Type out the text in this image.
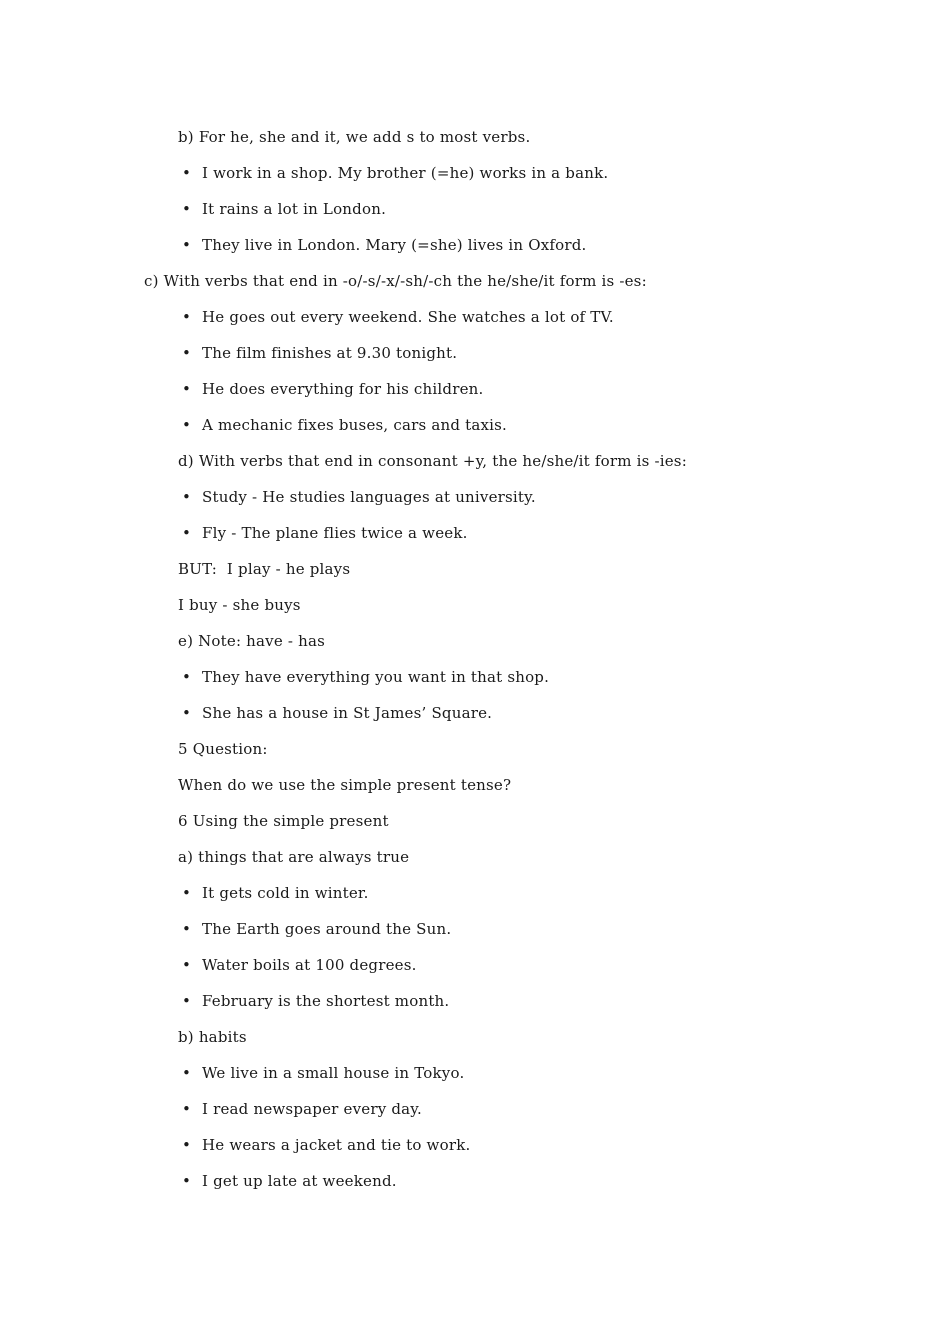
b) For he, she and it, we add s to most verbs.
• I work in a shop. My brother (=he) works in a bank.
• It rains a lot in London.
• They live in London. Mary (=she) lives in Oxford.
c) With verbs that end in -o/-s/-x/-sh/-ch the he/she/it form is -es:
• He goes out every weekend. She watches a lot of TV.
• The film finishes at 9.30 tonight.
• He does everything for his children.
• A mechanic fixes buses, cars and taxis.
d) With verbs that end in consonant +y, the he/she/it form is -ies:
• Study - He studies languages at university.
• Fly - The plane flies twice a week.
BUT:  I play - he plays
I buy - she buys
e) Note: have - has
• They have everything you want in that shop.
• She has a house in St James’ Square.
5 Question:
When do we use the simple present tense?
6 Using the simple present
a) things that are always true
• It gets cold in winter.
• The Earth goes around the Sun.
• Water boils at 100 degrees.
• February is the shortest month.
b) habits
• We live in a small house in Tokyo.
• I read newspaper every day.
• He wears a jacket and tie to work.
• I get up late at weekend.
